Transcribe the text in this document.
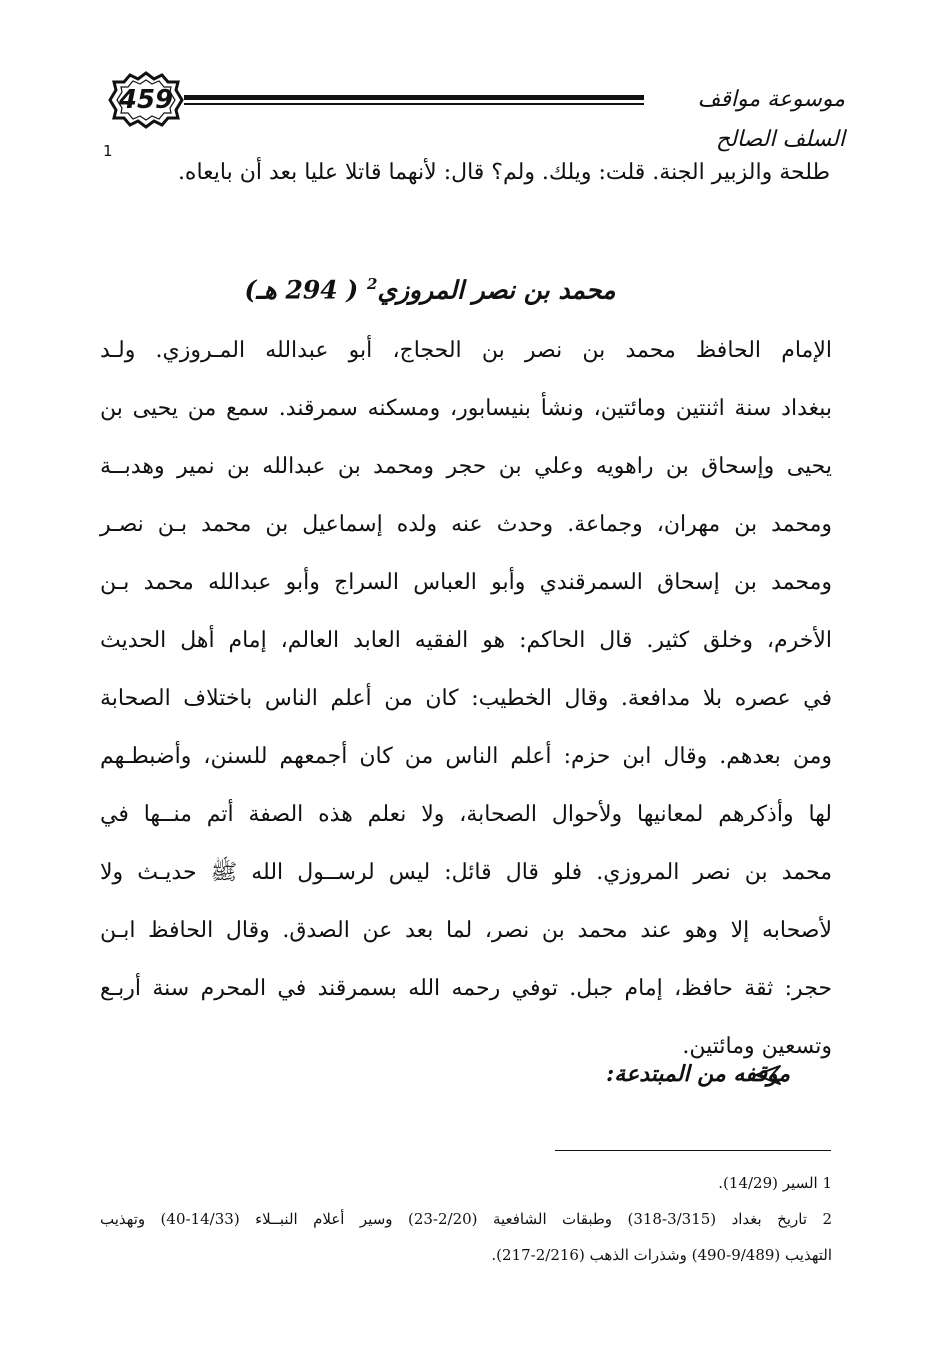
459	موسوعة مواقف السلف الصالح
1
طلحة والزبير الجنة. قلت: ويلك. ولم؟ قال: لأنهما قاتلا عليا بعد أن بايعاه.
محمد بن نصر المروزي$^2$ ( 294 هـ)
الإمام الحافظ محمد بن نصر بن الحجاج، أبو عبدالله المـروزي. ولـد
ببغداد سنة اثنتين ومائتين، ونشأ بنيسابور، ومسكنه سمرقند. سمع من يحيى بن
يحيى وإسحاق بن راهويه وعلي بن حجر ومحمد بن عبدالله بن نمير وهدبــة
ومحمد بن مهران، وجماعة. وحدث عنه ولده إسماعيل بن محمد بـن نصـر
ومحمد بن إسحاق السمرقندي وأبو العباس السراج وأبو عبدالله محمد بـن
الأخرم، وخلق كثير. قال الحاكم: هو الفقيه العابد العالم، إمام أهل الحديث
في عصره بلا مدافعة. وقال الخطيب: كان من أعلم الناس باختلاف الصحابة
ومن بعدهم. وقال ابن حزم: أعلم الناس من كان أجمعهم للسنن، وأضبطـهم
لها وأذكرهم لمعانيها ولأحوال الصحابة، ولا نعلم هذه الصفة أتم منــها في
محمد بن نصر المروزي. فلو قال قائل: ليس لرســول الله ﷺ حديـث ولا
لأصحابه إلا وهو عند محمد بن نصر، لما بعد عن الصدق. وقال الحافظ ابـن
حجر: ثقة حافظ، إمام جبل. توفي رحمه الله بسمرقند في المحرم سنة أربـع
وتسعين ومائتين.
موقفه من المبتدعة:
1 السير (14/29).
2 تاريخ بغداد (3/315-318) وطبقات الشافعية (2/20-23) وسير أعلام النبــلاء (14/33-40) وتهذيب
التهذيب (9/489-490) وشذرات الذهب (2/216-217).
